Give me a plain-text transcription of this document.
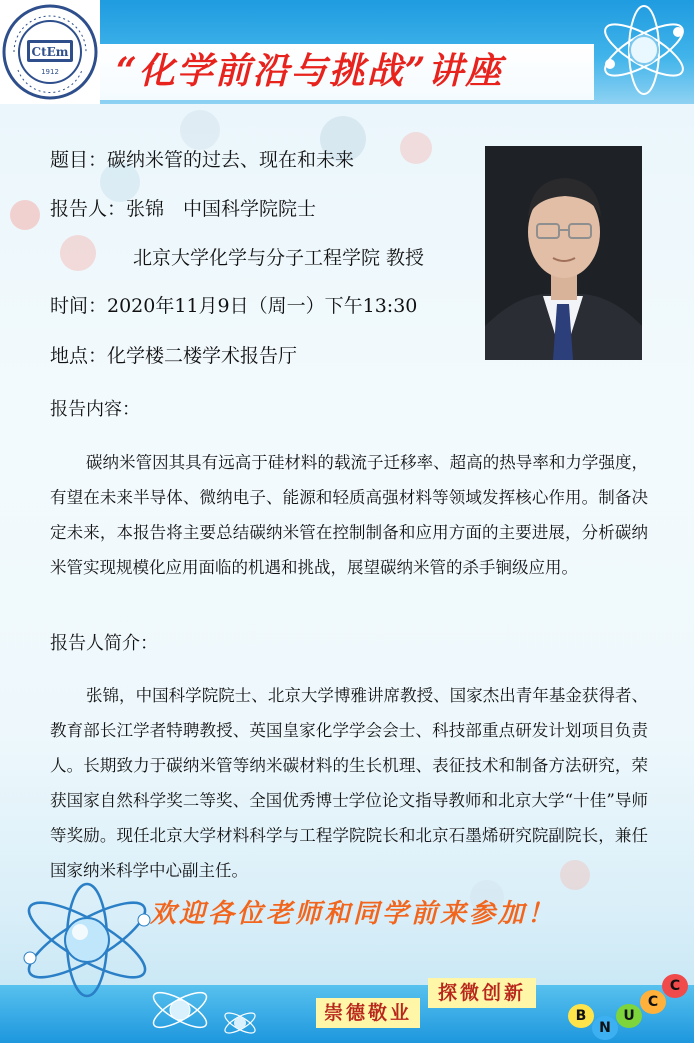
“化学前沿与挑战”讲座
CtEm
1912
题目：碳纳米管的过去、现在和未来
报告人：张锦　中国科学院院士
北京大学化学与分子工程学院 教授
时间：2020年11月9日（周一）下午13:30
地点：化学楼二楼学术报告厅
报告内容：
碳纳米管因其具有远高于硅材料的载流子迁移率、超高的热导率和力学强度，有望在未来半导体、微纳电子、能源和轻质高强材料等领域发挥核心作用。制备决定未来，本报告将主要总结碳纳米管在控制制备和应用方面的主要进展，分析碳纳米管实现规模化应用面临的机遇和挑战，展望碳纳米管的杀手锏级应用。
报告人简介：
张锦，中国科学院院士、北京大学博雅讲席教授、国家杰出青年基金获得者、教育部长江学者特聘教授、英国皇家化学学会会士、科技部重点研发计划项目负责人。长期致力于碳纳米管等纳米碳材料的生长机理、表征技术和制备方法研究，荣获国家自然科学奖二等奖、全国优秀博士学位论文指导教师和北京大学“十佳”导师等奖励。现任北京大学材料科学与工程学院院长和北京石墨烯研究院副院长，兼任国家纳米科学中心副主任。
欢迎各位老师和同学前来参加！
崇德敬业
探微创新
B
N
U
C
C
